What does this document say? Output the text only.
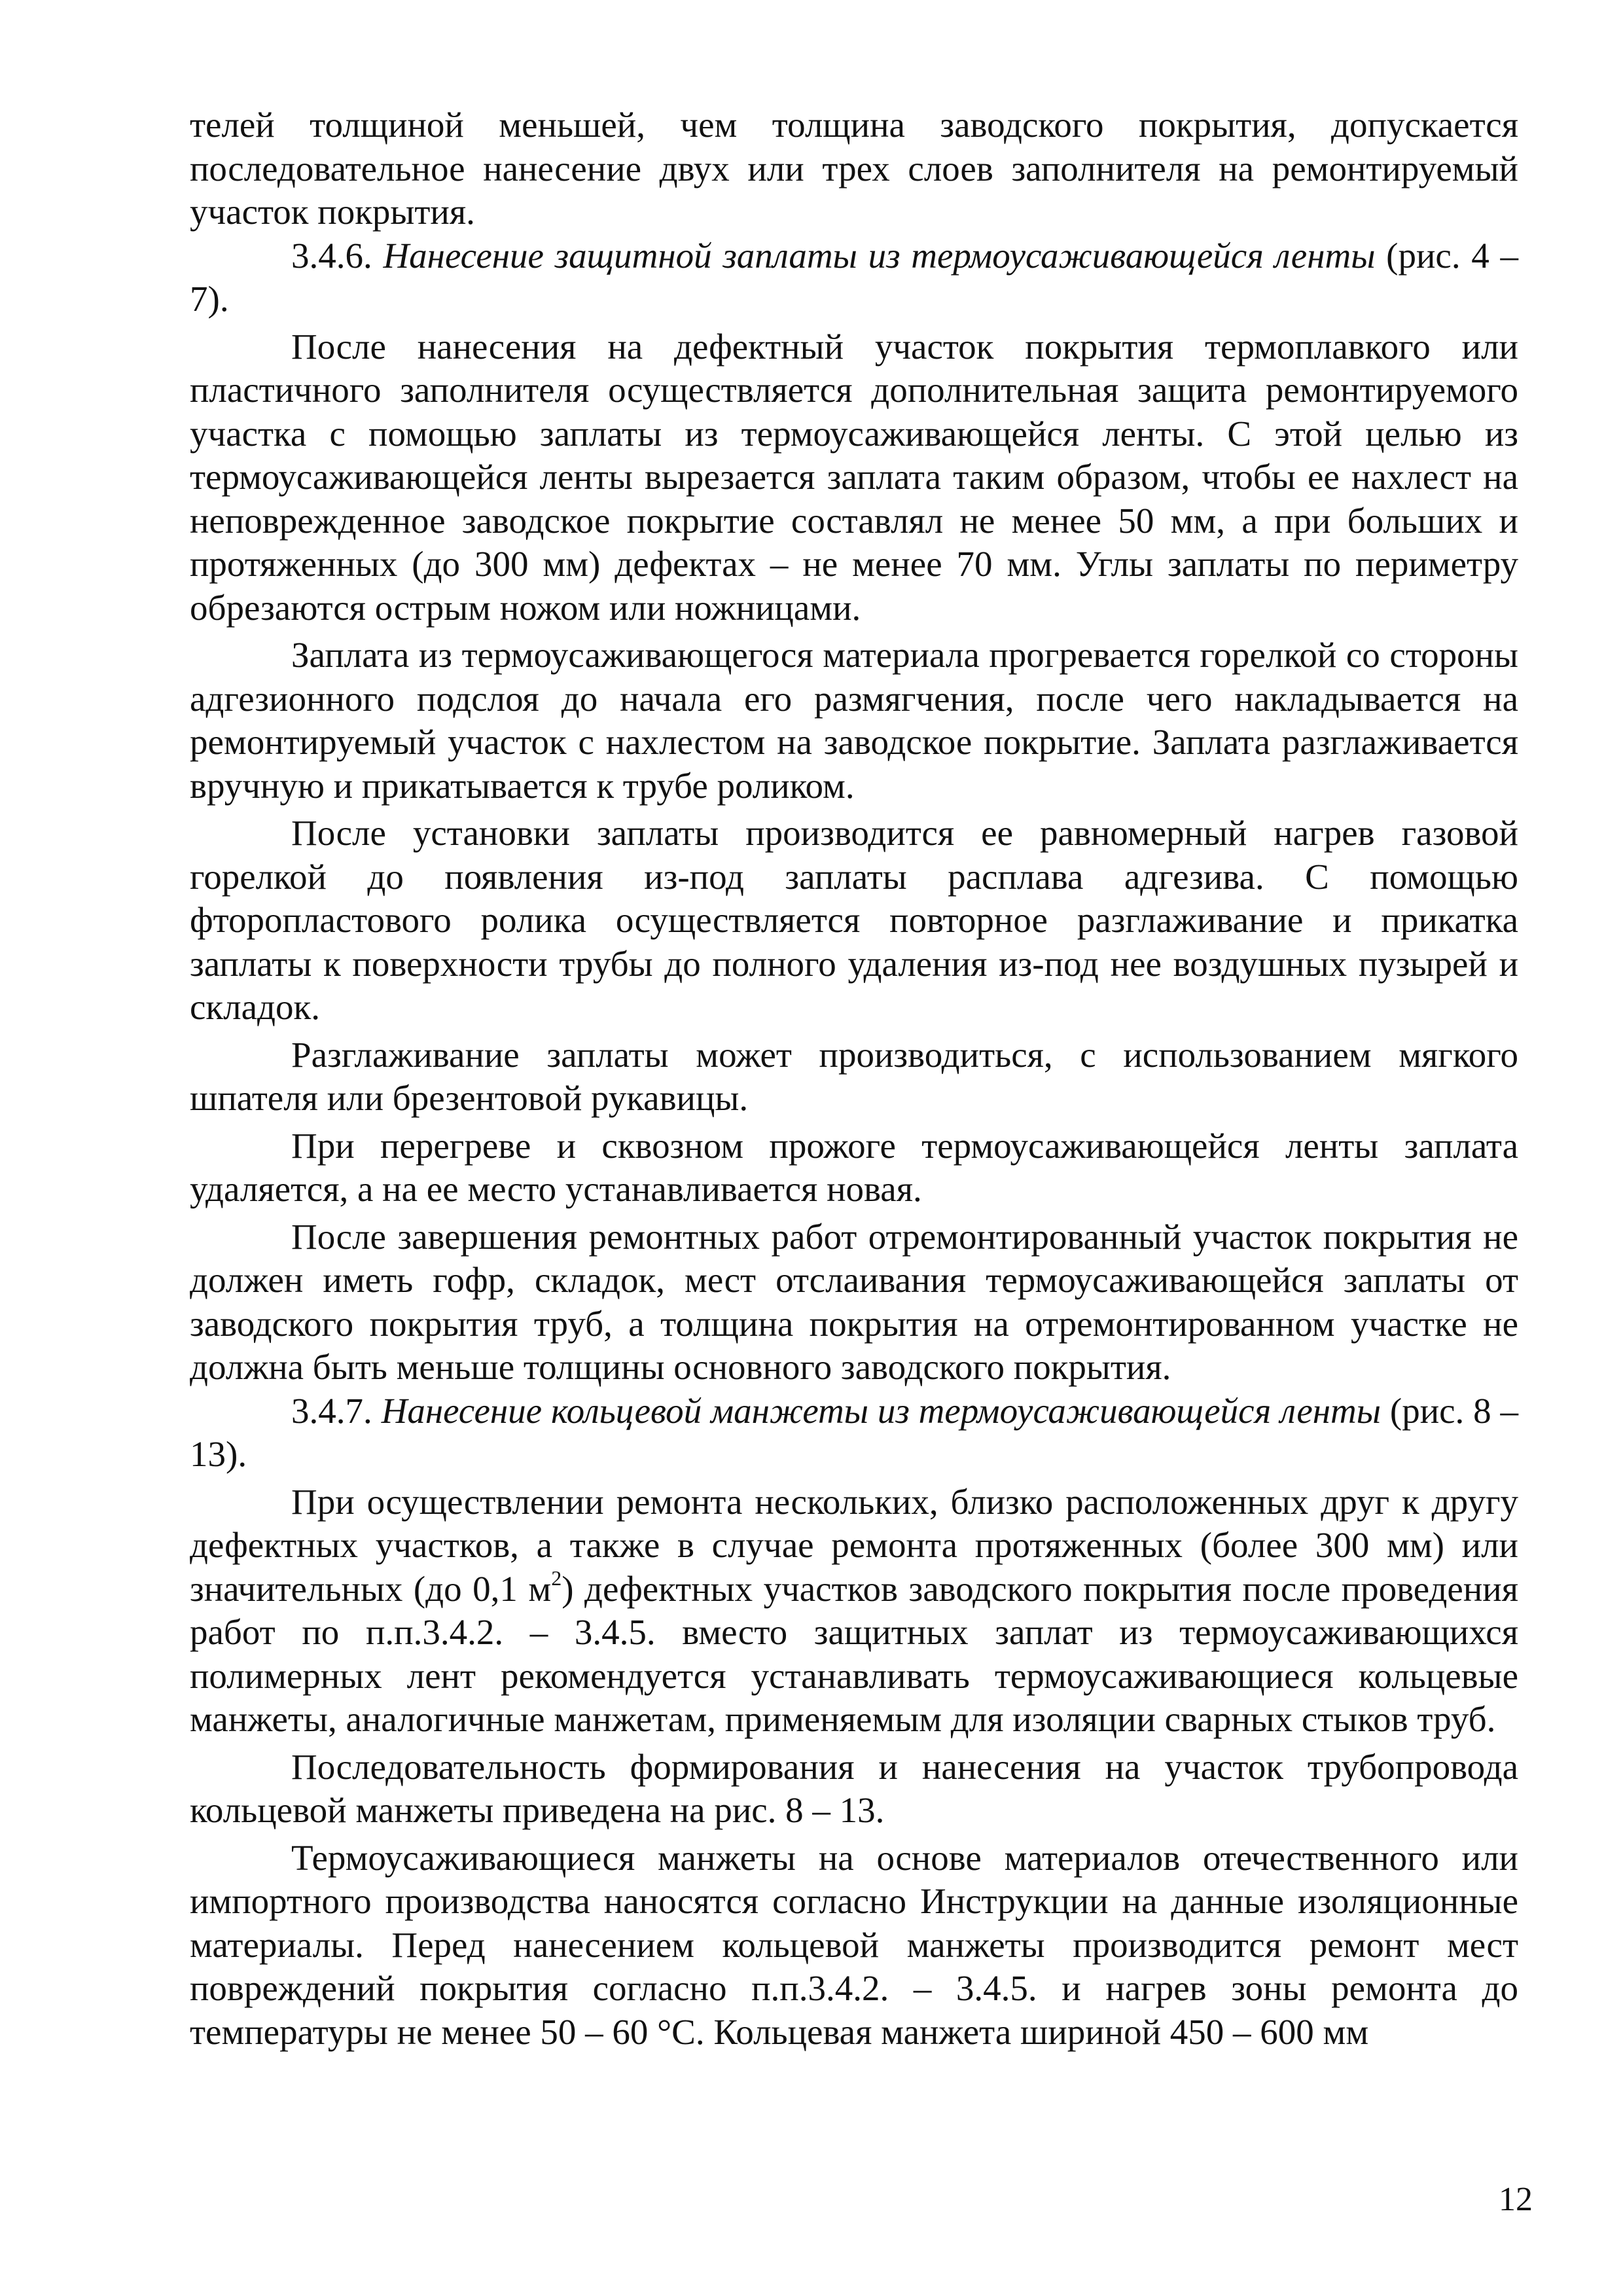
телей толщиной меньшей, чем толщина заводского покрытия, допускается последовательное нанесение двух или трех слоев заполнителя на ремонтируемый участок покрытия.

3.4.6. Нанесение защитной заплаты из термоусаживающейся ленты (рис. 4 – 7).

После нанесения на дефектный участок покрытия термоплавкого или пластичного заполнителя осуществляется дополнительная защита ремонтируемого участка с помощью заплаты из термоусаживающейся ленты. С этой целью из термоусаживающейся ленты вырезается заплата таким образом, чтобы ее нахлест на неповрежденное заводское покрытие составлял не менее 50 мм, а при больших и протяженных (до 300 мм) дефектах – не менее 70 мм. Углы заплаты по периметру обрезаются острым ножом или ножницами.

Заплата из термоусаживающегося материала прогревается горелкой со стороны адгезионного подслоя до начала его размягчения, после чего накладывается на ремонтируемый участок с нахлестом на заводское покрытие. Заплата разглаживается вручную и прикатывается к трубе роликом.

После установки заплаты производится ее равномерный нагрев газовой горелкой до появления из-под заплаты расплава адгезива. С помощью фторопластового ролика осуществляется повторное разглаживание и прикатка заплаты к поверхности трубы до полного удаления из-под нее воздушных пузырей и складок.

Разглаживание заплаты может производиться, с использованием мягкого шпателя или брезентовой рукавицы.

При перегреве и сквозном прожоге термоусаживающейся ленты заплата удаляется, а на ее место устанавливается новая.

После завершения ремонтных работ отремонтированный участок покрытия не должен иметь гофр, складок, мест отслаивания термоусаживающейся заплаты от заводского покрытия труб, а толщина покрытия на отремонтированном участке не должна быть меньше толщины основного заводского покрытия.

3.4.7. Нанесение кольцевой манжеты из термоусаживающейся ленты (рис. 8 – 13).

При осуществлении ремонта нескольких, близко расположенных друг к другу дефектных участков, а также в случае ремонта протяженных (более 300 мм) или значительных (до 0,1 $м^2$) дефектных участков заводского покрытия после проведения работ по п.п.3.4.2. – 3.4.5. вместо защитных заплат из термоусаживающихся полимерных лент рекомендуется устанавливать термоусаживающиеся кольцевые манжеты, аналогичные манжетам, применяемым для изоляции сварных стыков труб.

Последовательность формирования и нанесения на участок трубопровода кольцевой манжеты приведена на рис. 8 – 13.

Термоусаживающиеся манжеты на основе материалов отечественного или импортного производства наносятся согласно Инструкции на данные изоляционные материалы. Перед нанесением кольцевой манжеты производится ремонт мест повреждений покрытия согласно п.п.3.4.2. – 3.4.5. и нагрев зоны ремонта до температуры не менее 50 – 60 °С. Кольцевая манжета шириной 450 – 600 мм

12
